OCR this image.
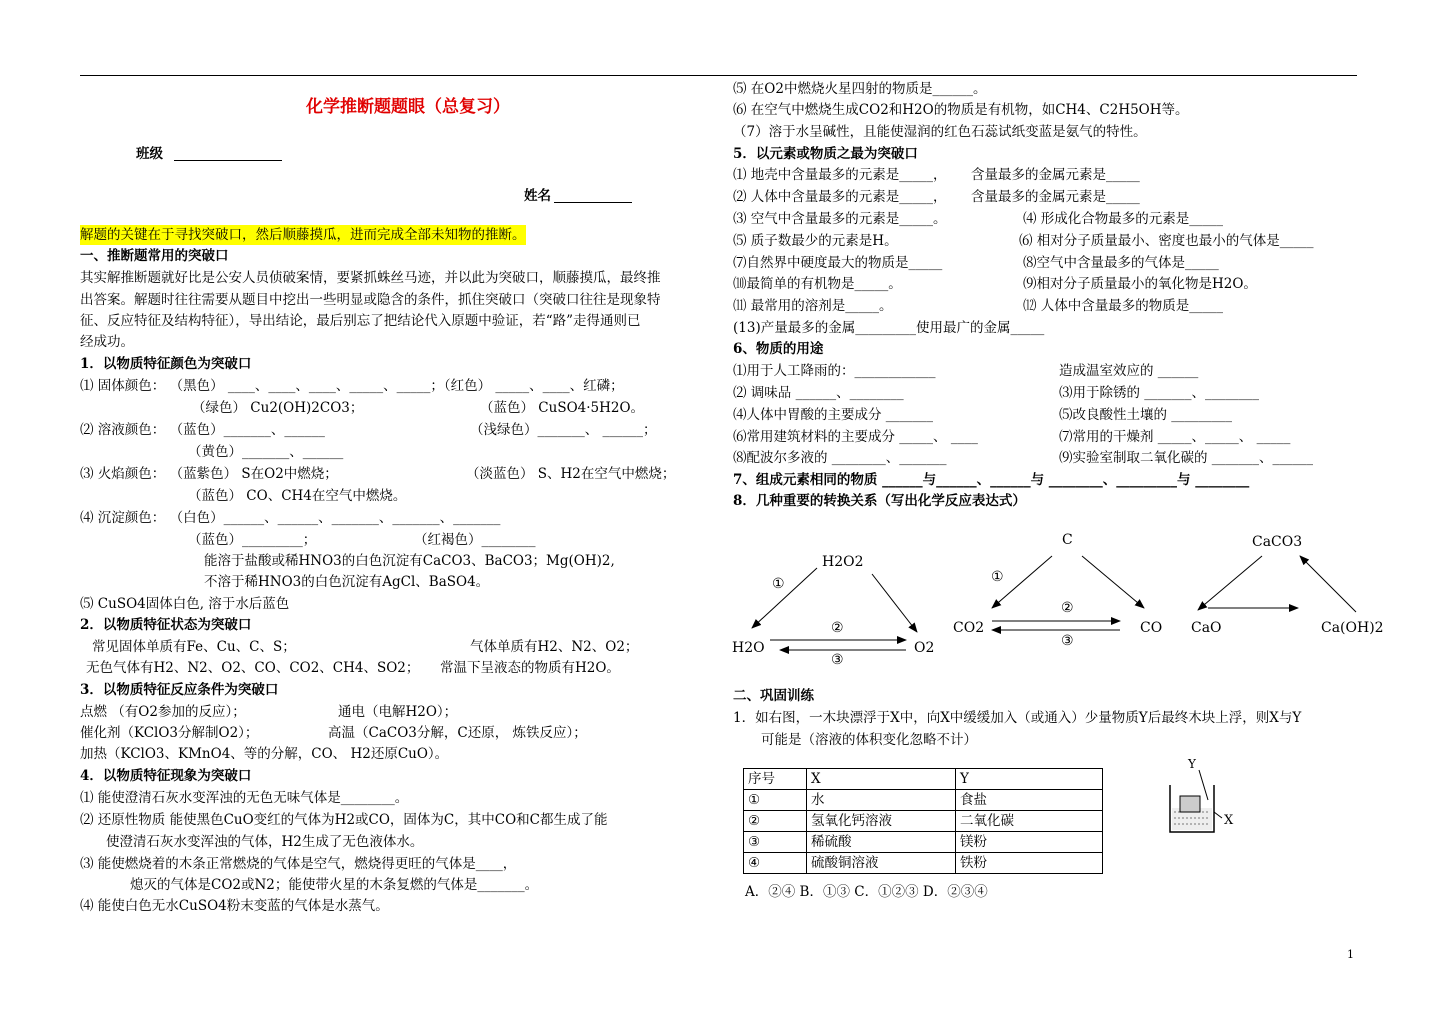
化学推断题题眼（总复习）
班级
姓名
解题的关键在于寻找突破口，然后顺藤摸瓜，进而完成全部未知物的推断。
一、推断题常用的突破口
其实解推断题就好比是公安人员侦破案情，要紧抓蛛丝马迹，并以此为突破口，顺藤摸瓜，最终推
出答案。解题时往往需要从题目中挖出一些明显或隐含的条件，抓住突破口（突破口往往是现象特
征、反应特征及结构特征），导出结论，最后别忘了把结论代入原题中验证，若“路”走得通则已
经成功。
1．以物质特征颜色为突破口
⑴ 固体颜色： （黑色） ____、____、____、_____、_____；（红色） _____、____、红磷；
（绿色） Cu2(OH)2CO3；	（蓝色） CuSO4·5H2O。
⑵ 溶液颜色： （蓝色）_______、______	（浅绿色）_______、 ______；
（黄色）_______、______
⑶ 火焰颜色： （蓝紫色） S在O2中燃烧；	（淡蓝色） S、H2在空气中燃烧；
（蓝色） CO、CH4在空气中燃烧。
⑷ 沉淀颜色： （白色）______、______、_______、_______、_______
（蓝色）_________；	（红褐色）________
能溶于盐酸或稀HNO3的白色沉淀有CaCO3、BaCO3；Mg(OH)2,
不溶于稀HNO3的白色沉淀有AgCl、BaSO4。
⑸ CuSO4固体白色, 溶于水后蓝色
2．以物质特征状态为突破口
常见固体单质有Fe、Cu、C、S；	气体单质有H2、N2、O2；
无色气体有H2、N2、O2、CO、CO2、CH4、SO2； 常温下呈液态的物质有H2O。
3．以物质特征反应条件为突破口
点燃 （有O2参加的反应）；	通电（电解H2O）；
催化剂（KClO3分解制O2）；	高温（CaCO3分解，C还原， 炼铁反应）；
加热（KClO3、KMnO4、等的分解，CO、 H2还原CuO）。
4．以物质特征现象为突破口
⑴ 能使澄清石灰水变浑浊的无色无味气体是________。
⑵ 还原性物质 能使黑色CuO变红的气体为H2或CO，固体为C，其中CO和C都生成了能
使澄清石灰水变浑浊的气体，H2生成了无色液体水。
⑶ 能使燃烧着的木条正常燃烧的气体是空气，燃烧得更旺的气体是____，
熄灭的气体是CO2或N2；能使带火星的木条复燃的气体是_______。
⑷ 能使白色无水CuSO4粉末变蓝的气体是水蒸气。
⑸ 在O2中燃烧火星四射的物质是______。
⑹ 在空气中燃烧生成CO2和H2O的物质是有机物，如CH4、C2H5OH等。
（7）溶于水呈碱性，且能使湿润的红色石蕊试纸变蓝是氨气的特性。
5．以元素或物质之最为突破口
⑴ 地壳中含量最多的元素是_____， 含量最多的金属元素是_____
⑵ 人体中含量最多的元素是_____， 含量最多的金属元素是_____
⑶ 空气中含量最多的元素是_____。	⑷ 形成化合物最多的元素是_____
⑸ 质子数最少的元素是H。	⑹ 相对分子质量最小、密度也最小的气体是_____
⑺自然界中硬度最大的物质是_____	⑻空气中含量最多的气体是_____
⑽最简单的有机物是_____。	⑼相对分子质量最小的氧化物是H2O。
⑾ 最常用的溶剂是_____。	⑿ 人体中含量最多的物质是_____
(13)产量最多的金属_________使用最广的金属_____
6、物质的用途
⑴用于人工降雨的：____________	造成温室效应的 ______
⑵ 调味品 ______、________	⑶用于除锈的 _______、________
⑷人体中胃酸的主要成分 _______	⑸改良酸性土壤的 _________
⑹常用建筑材料的主要成分 _____、 ____	⑺常用的干燥剂 _____、_____、 _____
⑻配波尔多液的 ________、_______	⑼实验室制取二氧化碳的 _______、______
7、组成元素相同的物质 ______与______、______与 ________、_________与 ________
8．几种重要的转换关系（写出化学反应表达式）
二、巩固训练
1．如右图，一木块漂浮于X中，向X中缓缓加入（或通入）少量物质Y后最终木块上浮，则X与Y
可能是（溶液的体积变化忽略不计）
序号	X	Y
①	水	食盐
②	氢氧化钙溶液	二氧化碳
③	稀硫酸	镁粉
④	硫酸铜溶液	铁粉
A．②④ B．①③ C．①②③ D．②③④
H2O2
H2O	O2
①
②
③
C
CO2	CO
①
②
③
CaCO3
CaO	Ca(OH)2
Y
X
1
